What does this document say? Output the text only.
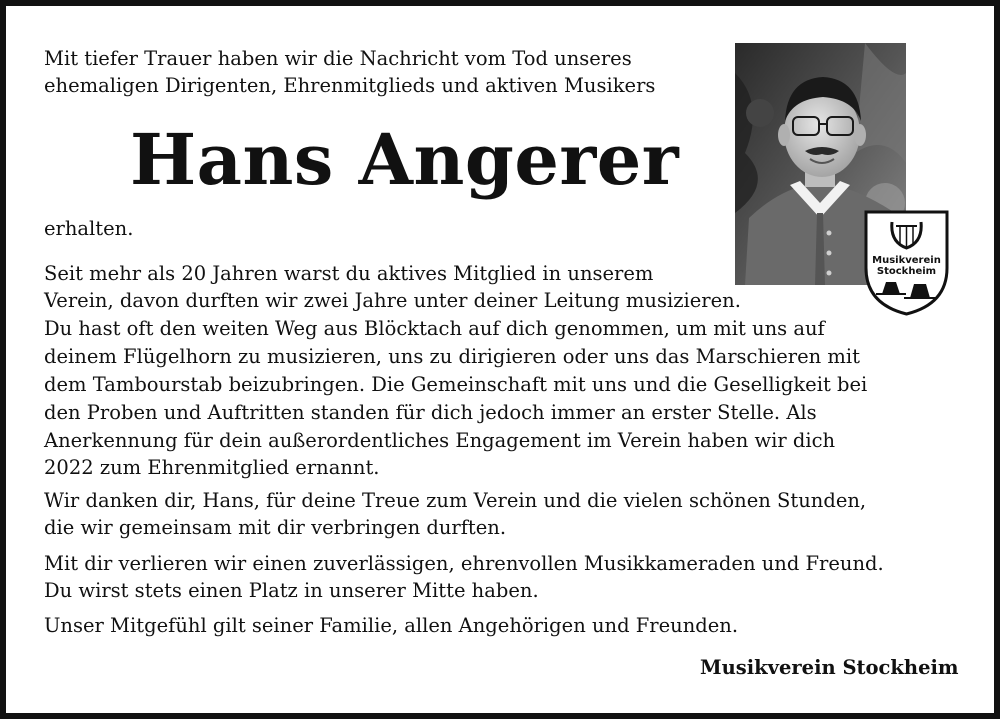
Mit tiefer Trauer haben wir die Nachricht vom Tod unseres

ehemaligen Dirigenten, Ehrenmitglieds und aktiven Musikers

Hans Angerer

erhalten.

Seit mehr als 20 Jahren warst du aktives Mitglied in unserem

Verein, davon durften wir zwei Jahre unter deiner Leitung musizieren.

Du hast oft den weiten Weg aus Blöcktach auf dich genommen, um mit uns auf

deinem Flügelhorn zu musizieren, uns zu dirigieren oder uns das Marschieren mit

dem Tambourstab beizubringen. Die Gemeinschaft mit uns und die Geselligkeit bei

den Proben und Auftritten standen für dich jedoch immer an erster Stelle. Als

Anerkennung für dein außerordentliches Engagement im Verein haben wir dich

2022 zum Ehrenmitglied ernannt.

Wir danken dir, Hans, für deine Treue zum Verein und die vielen schönen Stunden,

die wir gemeinsam mit dir verbringen durften.

Mit dir verlieren wir einen zuverlässigen, ehrenvollen Musikkameraden und Freund.

Du wirst stets einen Platz in unserer Mitte haben.

Unser Mitgefühl gilt seiner Familie, allen Angehörigen und Freunden.

Musikverein Stockheim

Musikverein
Stockheim
